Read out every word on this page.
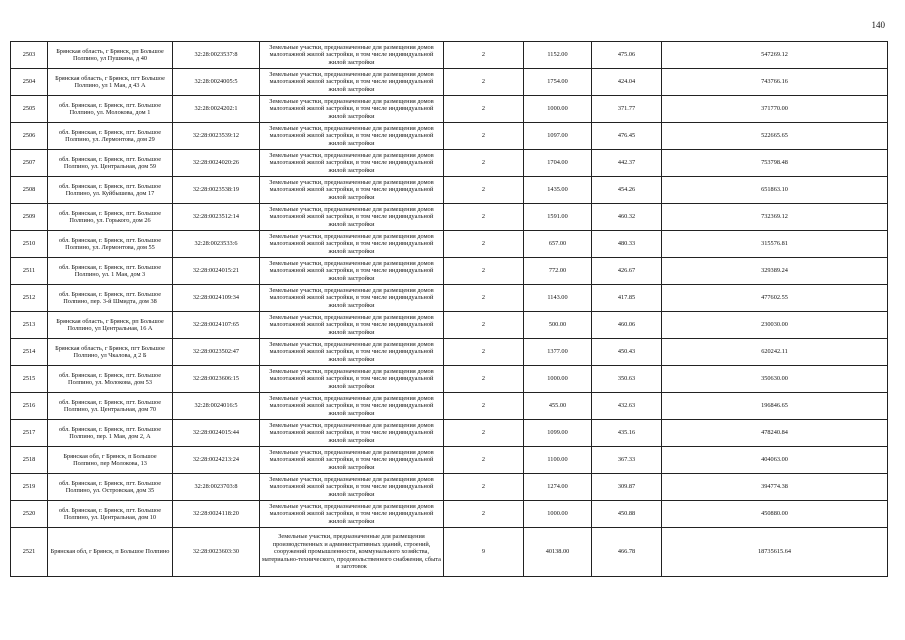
140
2503	Брянская область, г Брянск, рп Большое Полпино, ул Пушкина, д 40	32:28:0023537:8	Земельные участки, предназначенные для размещения домов малоэтажной жилой застройки, в том числе индивидуальной жилой застройки	2	1152.00	475.06	547269.12
2504	Брянская область, г Брянск, пгт Большое Полпино, ул 1 Мая, д 43 А	32:28:0024005:5	Земельные участки, предназначенные для размещения домов малоэтажной жилой застройки, в том числе индивидуальной жилой застройки	2	1754.00	424.04	743766.16
2505	обл. Брянская, г. Брянск, пгт. Большое Полпино, ул. Молокова, дом 1	32:28:0024202:1	Земельные участки, предназначенные для размещения домов малоэтажной жилой застройки, в том числе индивидуальной жилой застройки	2	1000.00	371.77	371770.00
2506	обл. Брянская, г. Брянск, пгт. Большое Полпино, ул. Лермонтова, дом 29	32:28:0023539:12	Земельные участки, предназначенные для размещения домов малоэтажной жилой застройки, в том числе индивидуальной жилой застройки	2	1097.00	476.45	522665.65
2507	обл. Брянская, г. Брянск, пгт. Большое Полпино, ул. Центральная, дом 59	32:28:0024020:26	Земельные участки, предназначенные для размещения домов малоэтажной жилой застройки, в том числе индивидуальной жилой застройки	2	1704.00	442.37	753798.48
2508	обл. Брянская, г. Брянск, пгт. Большое Полпино, ул. Куйбышева, дом 17	32:28:0023538:19	Земельные участки, предназначенные для размещения домов малоэтажной жилой застройки, в том числе индивидуальной жилой застройки	2	1435.00	454.26	651863.10
2509	обл. Брянская, г. Брянск, пгт. Большое Полпино, ул. Горького, дом 26	32:28:0023512:14	Земельные участки, предназначенные для размещения домов малоэтажной жилой застройки, в том числе индивидуальной жилой застройки	2	1591.00	460.32	732369.12
2510	обл. Брянская, г. Брянск, пгт. Большое Полпино, ул. Лермонтова, дом 55	32:28:0023533:6	Земельные участки, предназначенные для размещения домов малоэтажной жилой застройки, в том числе индивидуальной жилой застройки	2	657.00	480.33	315576.81
2511	обл. Брянская, г. Брянск, пгт. Большое Полпино, ул. 1 Мая, дом 3	32:28:0024015:21	Земельные участки, предназначенные для размещения домов малоэтажной жилой застройки, в том числе индивидуальной жилой застройки	2	772.00	426.67	329389.24
2512	обл. Брянская, г. Брянск, пгт. Большое Полпино, пер. 3-й Шмидта, дом 38	32:28:0024109:34	Земельные участки, предназначенные для размещения домов малоэтажной жилой застройки, в том числе индивидуальной жилой застройки	2	1143.00	417.85	477602.55
2513	Брянская область, г Брянск, рп Большое Полпино, ул Центральная, 16 А	32:28:0024107:65	Земельные участки, предназначенные для размещения домов малоэтажной жилой застройки, в том числе индивидуальной жилой застройки	2	500.00	460.06	230030.00
2514	Брянская область, г Брянск, пгт Большое Полпино, ул Чкалова, д 2 Б	32:28:0023502:47	Земельные участки, предназначенные для размещения домов малоэтажной жилой застройки, в том числе индивидуальной жилой застройки	2	1377.00	450.43	620242.11
2515	обл. Брянская, г. Брянск, пгт. Большое Полпино, ул. Молокова, дом 53	32:28:0023606:15	Земельные участки, предназначенные для размещения домов малоэтажной жилой застройки, в том числе индивидуальной жилой застройки	2	1000.00	350.63	350630.00
2516	обл. Брянская, г. Брянск, пгт. Большое Полпино, ул. Центральная, дом 70	32:28:0024016:5	Земельные участки, предназначенные для размещения домов малоэтажной жилой застройки, в том числе индивидуальной жилой застройки	2	455.00	432.63	196846.65
2517	обл. Брянская, г. Брянск, пгт. Большое Полпино, пер. 1 Мая, дом 2, А	32:28:0024015:44	Земельные участки, предназначенные для размещения домов малоэтажной жилой застройки, в том числе индивидуальной жилой застройки	2	1099.00	435.16	478240.84
2518	Брянская обл, г Брянск, п Большое Полпино, пер Молокова, 13	32:28:0024213:24	Земельные участки, предназначенные для размещения домов малоэтажной жилой застройки, в том числе индивидуальной жилой застройки	2	1100.00	367.33	404063.00
2519	обл. Брянская, г. Брянск, пгт. Большое Полпино, ул. Островская, дом 35	32:28:0023703:8	Земельные участки, предназначенные для размещения домов малоэтажной жилой застройки, в том числе индивидуальной жилой застройки	2	1274.00	309.87	394774.38
2520	обл. Брянская, г. Брянск, пгт. Большое Полпино, ул. Центральная, дом 10	32:28:0024118:20	Земельные участки, предназначенные для размещения домов малоэтажной жилой застройки, в том числе индивидуальной жилой застройки	2	1000.00	450.88	450880.00
2521	Брянская обл, г Брянск, п Большое Полпино	32:28:0023603:30	Земельные участки, предназначенные для размещения производственных и административных зданий, строений, сооружений промышленности, коммунального хозяйства, материально-технического, продовольственного снабжения, сбыта и заготовок	9	40138.00	466.78	18735615.64
